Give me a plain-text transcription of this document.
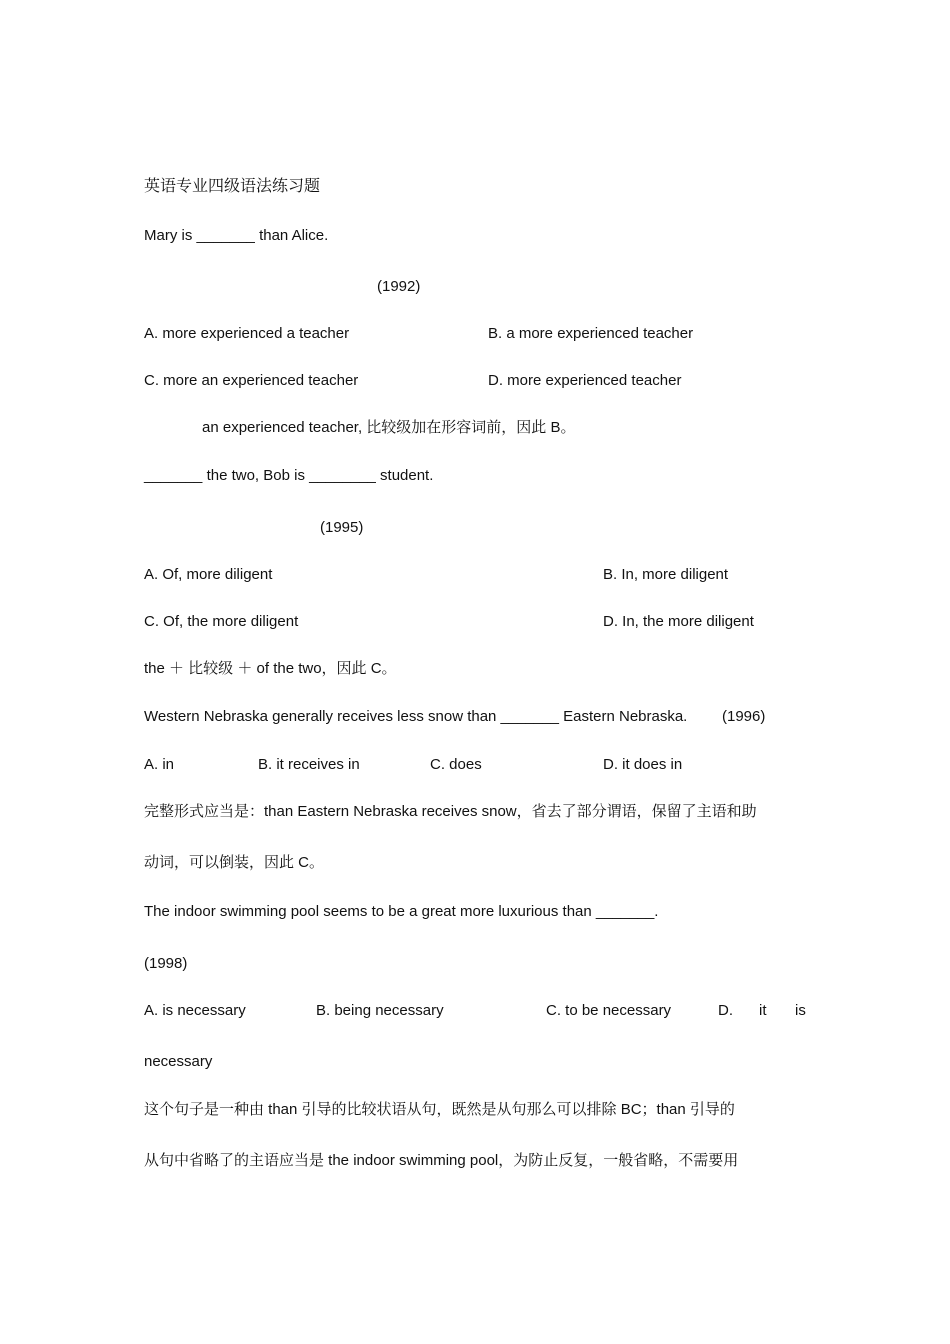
英语专业四级语法练习题
Mary is _______ than Alice.
(1992)
A. more experienced a teacher	B. a more experienced teacher
C. more an experienced teacher	D. more experienced teacher
an experienced teacher, 比较级加在形容词前，因此 B。
_______ the two, Bob is ________ student.
(1995)
A. Of, more diligent	B. In, more diligent
C. Of, the more diligent	D. In, the more diligent
the ＋ 比较级 ＋ of the two，因此 C。
Western Nebraska generally receives less snow than _______ Eastern Nebraska. (1996)
A. in	B. it receives in	C. does	D. it does in
完整形式应当是：than Eastern Nebraska receives snow，省去了部分谓语，保留了主语和助
动词，可以倒装，因此 C。
The indoor swimming pool seems to be a great more luxurious than _______.
(1998)
A. is necessary	B. being necessary	C. to be necessary	D. it is
necessary
这个句子是一种由 than 引导的比较状语从句，既然是从句那么可以排除 BC；than 引导的
从句中省略了的主语应当是 the indoor swimming pool，为防止反复，一般省略，不需要用
